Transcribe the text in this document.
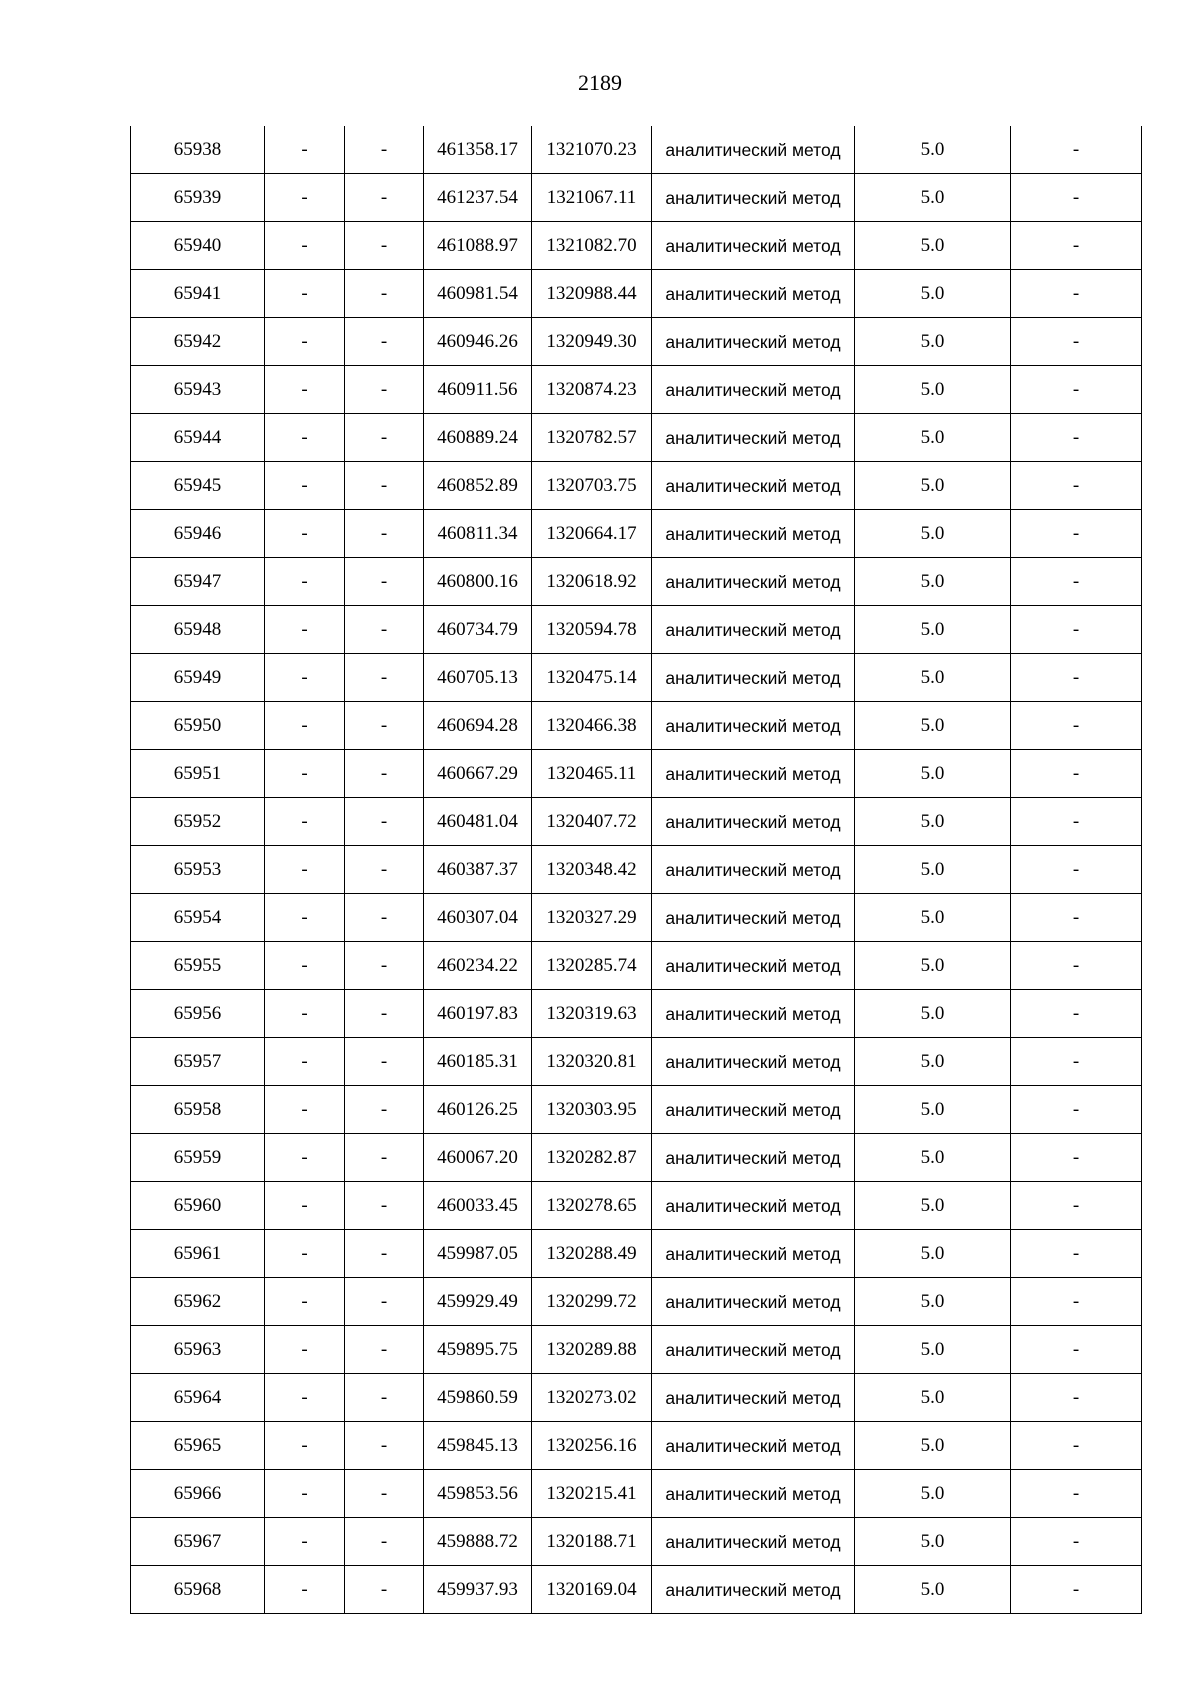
2189
65938	-	-	461358.17	1321070.23	аналитический метод	5.0	-
65939	-	-	461237.54	1321067.11	аналитический метод	5.0	-
65940	-	-	461088.97	1321082.70	аналитический метод	5.0	-
65941	-	-	460981.54	1320988.44	аналитический метод	5.0	-
65942	-	-	460946.26	1320949.30	аналитический метод	5.0	-
65943	-	-	460911.56	1320874.23	аналитический метод	5.0	-
65944	-	-	460889.24	1320782.57	аналитический метод	5.0	-
65945	-	-	460852.89	1320703.75	аналитический метод	5.0	-
65946	-	-	460811.34	1320664.17	аналитический метод	5.0	-
65947	-	-	460800.16	1320618.92	аналитический метод	5.0	-
65948	-	-	460734.79	1320594.78	аналитический метод	5.0	-
65949	-	-	460705.13	1320475.14	аналитический метод	5.0	-
65950	-	-	460694.28	1320466.38	аналитический метод	5.0	-
65951	-	-	460667.29	1320465.11	аналитический метод	5.0	-
65952	-	-	460481.04	1320407.72	аналитический метод	5.0	-
65953	-	-	460387.37	1320348.42	аналитический метод	5.0	-
65954	-	-	460307.04	1320327.29	аналитический метод	5.0	-
65955	-	-	460234.22	1320285.74	аналитический метод	5.0	-
65956	-	-	460197.83	1320319.63	аналитический метод	5.0	-
65957	-	-	460185.31	1320320.81	аналитический метод	5.0	-
65958	-	-	460126.25	1320303.95	аналитический метод	5.0	-
65959	-	-	460067.20	1320282.87	аналитический метод	5.0	-
65960	-	-	460033.45	1320278.65	аналитический метод	5.0	-
65961	-	-	459987.05	1320288.49	аналитический метод	5.0	-
65962	-	-	459929.49	1320299.72	аналитический метод	5.0	-
65963	-	-	459895.75	1320289.88	аналитический метод	5.0	-
65964	-	-	459860.59	1320273.02	аналитический метод	5.0	-
65965	-	-	459845.13	1320256.16	аналитический метод	5.0	-
65966	-	-	459853.56	1320215.41	аналитический метод	5.0	-
65967	-	-	459888.72	1320188.71	аналитический метод	5.0	-
65968	-	-	459937.93	1320169.04	аналитический метод	5.0	-
